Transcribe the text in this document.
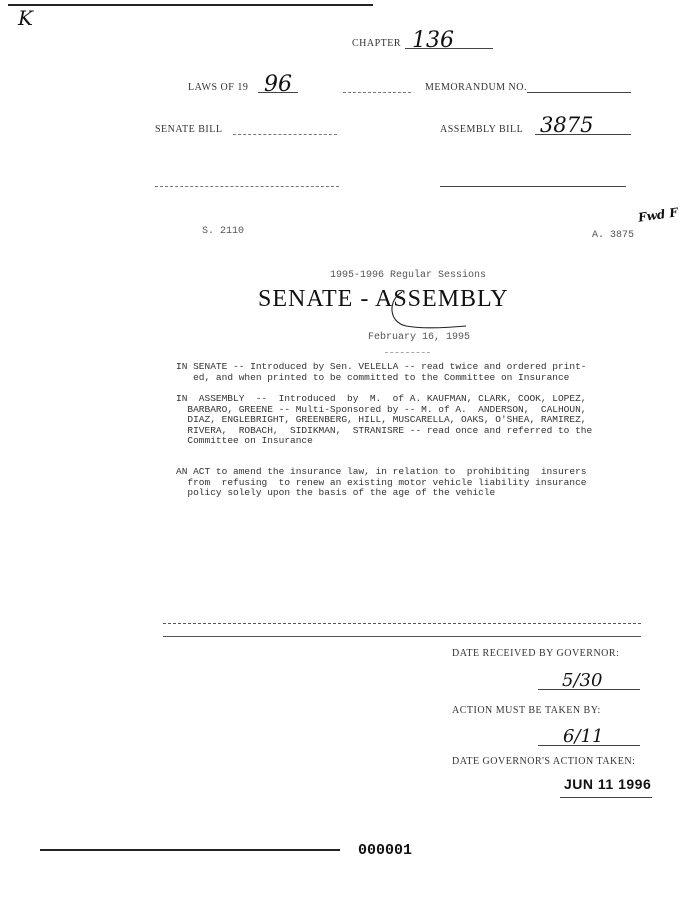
K
CHAPTER 136
LAWS OF 19 96	MEMORANDUM NO.
SENATE BILL	ASSEMBLY BILL 3875
S. 2110	A. 3875
Fwd F
1995-1996 Regular Sessions
SENATE - ASSEMBLY
February 16, 1995
IN SENATE -- Introduced by Sen. VELELLA -- read twice and ordered print-
ed, and when printed to be committed to the Committee on Insurance
IN  ASSEMBLY  --  Introduced  by  M.  of A. KAUFMAN, CLARK, COOK, LOPEZ,
BARBARO, GREENE -- Multi-Sponsored by -- M. of A.  ANDERSON,  CALHOUN,
DIAZ, ENGLEBRIGHT, GREENBERG, HILL, MUSCARELLA, OAKS, O'SHEA, RAMIREZ,
RIVERA,  ROBACH,  SIDIKMAN,  STRANISRE -- read once and referred to the
Committee on Insurance
AN ACT to amend the insurance law, in relation to  prohibiting  insurers
from  refusing  to renew an existing motor vehicle liability insurance
policy solely upon the basis of the age of the vehicle
DATE RECEIVED BY GOVERNOR:
5/30
ACTION MUST BE TAKEN BY:
6/11
DATE GOVERNOR'S ACTION TAKEN:
JUN 11 1996
000001
